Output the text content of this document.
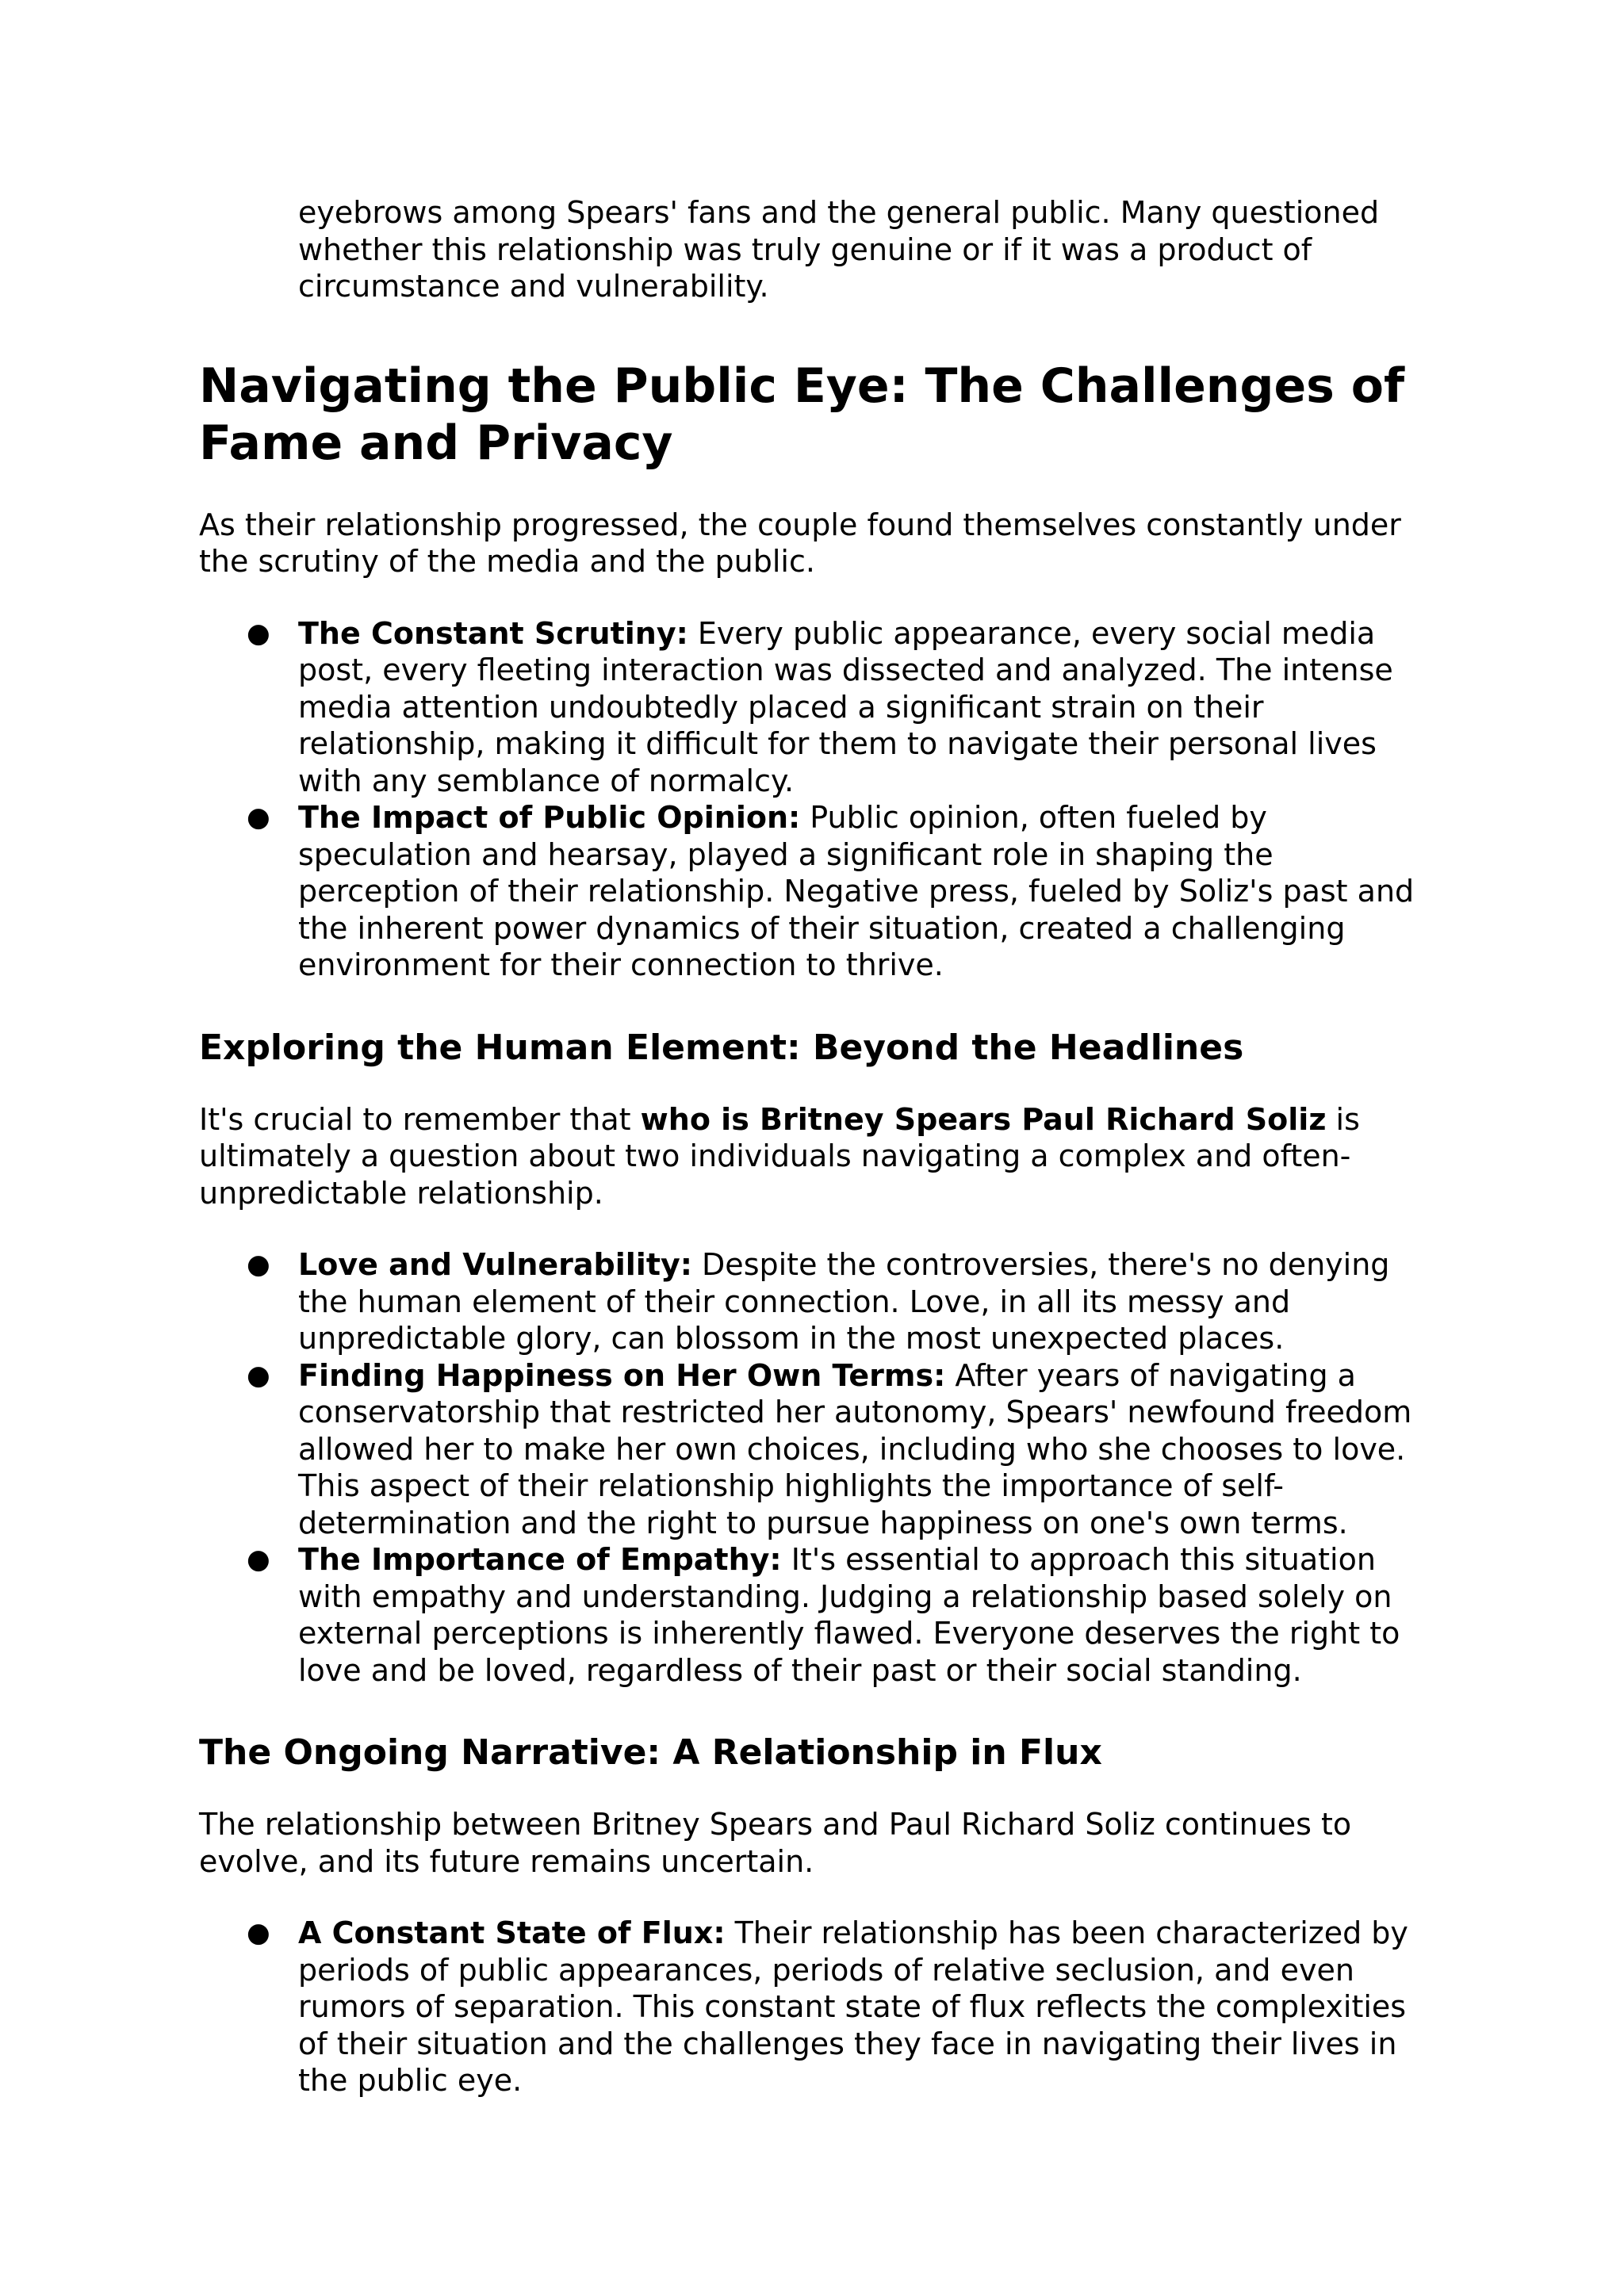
eyebrows among Spears' fans and the general public. Many questioned whether this relationship was truly genuine or if it was a product of circumstance and vulnerability.

Navigating the Public Eye: The Challenges of Fame and Privacy

As their relationship progressed, the couple found themselves constantly under the scrutiny of the media and the public.

● The Constant Scrutiny: Every public appearance, every social media post, every fleeting interaction was dissected and analyzed. The intense media attention undoubtedly placed a significant strain on their relationship, making it difficult for them to navigate their personal lives with any semblance of normalcy.
● The Impact of Public Opinion: Public opinion, often fueled by speculation and hearsay, played a significant role in shaping the perception of their relationship. Negative press, fueled by Soliz's past and the inherent power dynamics of their situation, created a challenging environment for their connection to thrive.
Exploring the Human Element: Beyond the Headlines

It's crucial to remember that who is Britney Spears Paul Richard Soliz is ultimately a question about two individuals navigating a complex and often-unpredictable relationship.

● Love and Vulnerability: Despite the controversies, there's no denying the human element of their connection. Love, in all its messy and unpredictable glory, can blossom in the most unexpected places.
● Finding Happiness on Her Own Terms: After years of navigating a conservatorship that restricted her autonomy, Spears' newfound freedom allowed her to make her own choices, including who she chooses to love. This aspect of their relationship highlights the importance of self-determination and the right to pursue happiness on one's own terms.
● The Importance of Empathy: It's essential to approach this situation with empathy and understanding. Judging a relationship based solely on external perceptions is inherently flawed. Everyone deserves the right to love and be loved, regardless of their past or their social standing.
The Ongoing Narrative: A Relationship in Flux

The relationship between Britney Spears and Paul Richard Soliz continues to evolve, and its future remains uncertain.

● A Constant State of Flux: Their relationship has been characterized by periods of public appearances, periods of relative seclusion, and even rumors of separation. This constant state of flux reflects the complexities of their situation and the challenges they face in navigating their lives in the public eye.
